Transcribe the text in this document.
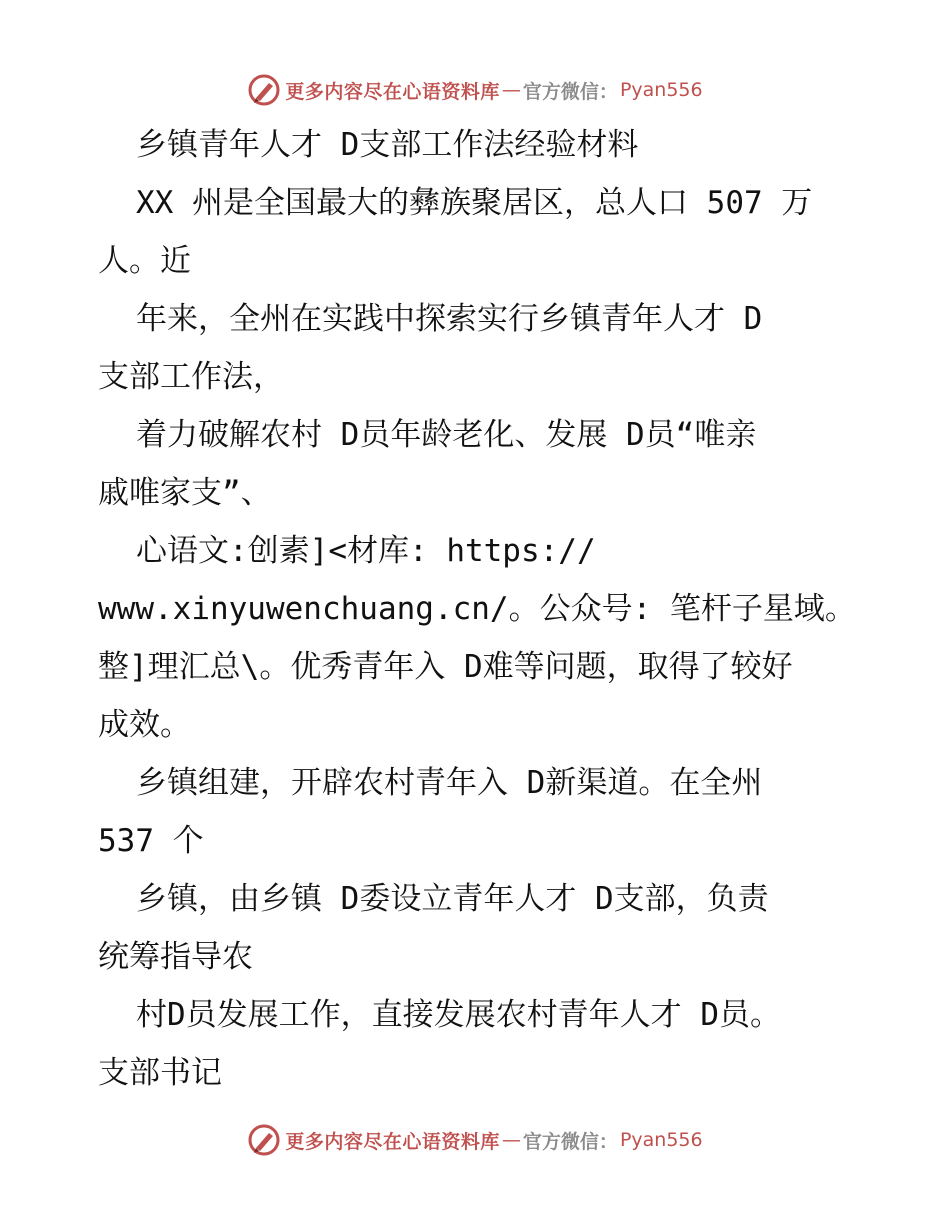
更多内容尽在心语资料库 — 官方微信： Pyan556
乡镇青年人才 D支部工作法经验材料
XX 州是全国最大的彝族聚居区，总人口 507 万
人。近
年来，全州在实践中探索实行乡镇青年人才 D
支部工作法，
着力破解农村 D员年龄老化、发展 D员“唯亲
戚唯家支”、
心语文:创素]<材库: https://
www.xinyuwenchuang.cn/。公众号: 笔杆子星域。
整]理汇总\。优秀青年入 D难等问题，取得了较好
成效。
乡镇组建，开辟农村青年入 D新渠道。在全州
537 个
乡镇，由乡镇 D委设立青年人才 D支部，负责
统筹指导农
村D员发展工作，直接发展农村青年人才 D员。
支部书记
更多内容尽在心语资料库 — 官方微信： Pyan556
